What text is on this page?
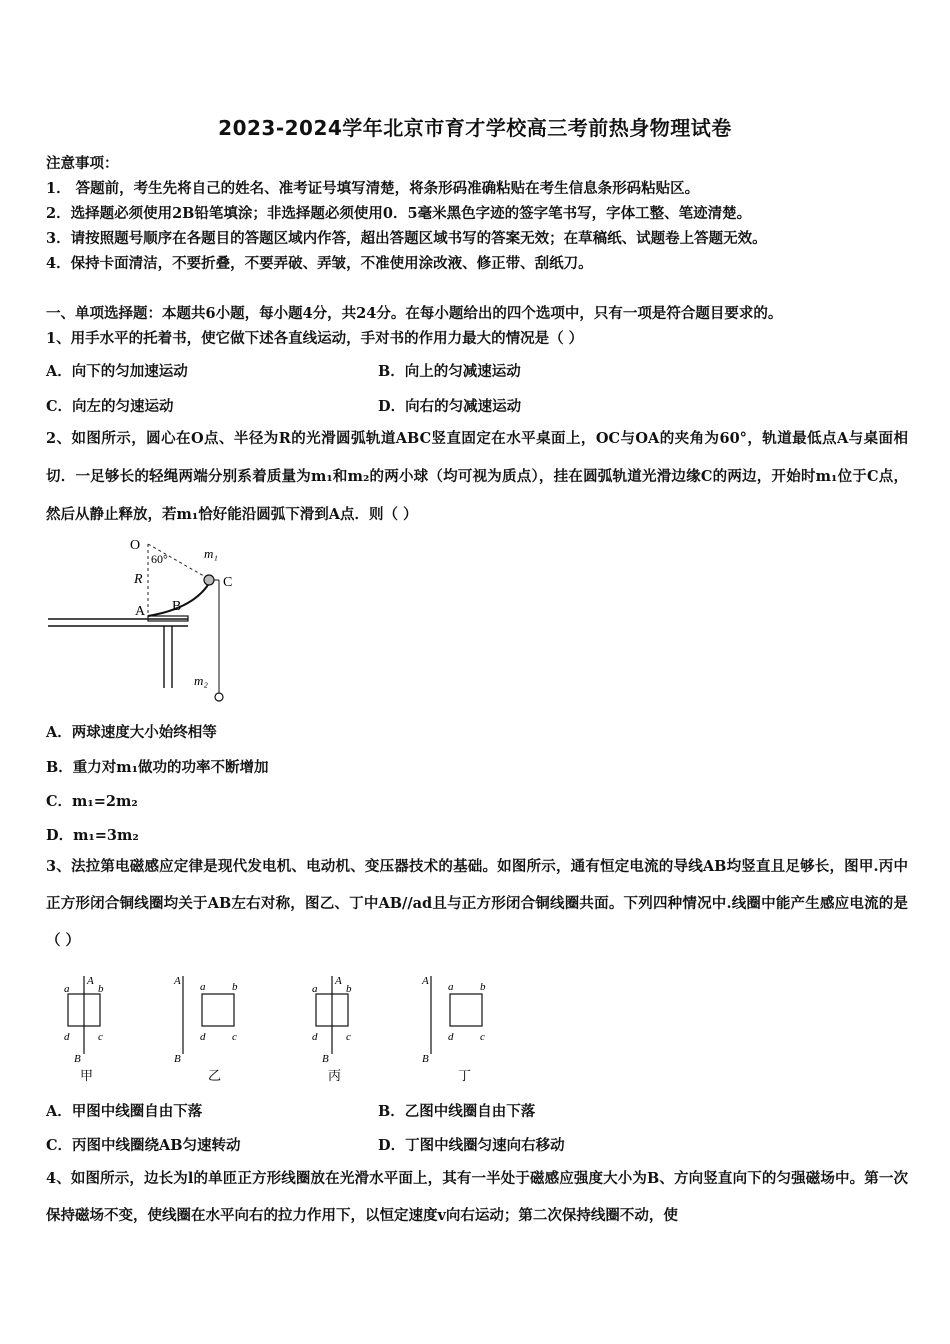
2023-2024学年北京市育才学校高三考前热身物理试卷
注意事项：
1． 答题前，考生先将自己的姓名、准考证号填写清楚，将条形码准确粘贴在考生信息条形码粘贴区。
2．选择题必须使用2B铅笔填涂；非选择题必须使用0．5毫米黑色字迹的签字笔书写，字体工整、笔迹清楚。
3．请按照题号顺序在各题目的答题区域内作答，超出答题区域书写的答案无效；在草稿纸、试题卷上答题无效。
4．保持卡面清洁，不要折叠，不要弄破、弄皱，不准使用涂改液、修正带、刮纸刀。
一、单项选择题：本题共6小题，每小题4分，共24分。在每小题给出的四个选项中，只有一项是符合题目要求的。
1、用手水平的托着书，使它做下述各直线运动，手对书的作用力最大的情况是（ ）
A．向下的匀加速运动	B．向上的匀减速运动
C．向左的匀速运动	D．向右的匀减速运动
2、如图所示，圆心在O点、半径为R的光滑圆弧轨道ABC竖直固定在水平桌面上，OC与OA的夹角为60°，轨道最低点A与桌面相切．一足够长的轻绳两端分别系着质量为m₁和m₂的两小球（均可视为质点），挂在圆弧轨道光滑边缘C的两边，开始时m₁位于C点，然后从静止释放，若m₁恰好能沿圆弧下滑到A点．则（ ）
O
60°	m₁
C
R
A B
m₂
A．两球速度大小始终相等
B．重力对m₁做功的功率不断增加
C．m₁=2m₂
D．m₁=3m₂
3、法拉第电磁感应定律是现代发电机、电动机、变压器技术的基础。如图所示，通有恒定电流的导线AB均竖直且足够长，图甲.丙中正方形闭合铜线圈均关于AB左右对称，图乙、丁中AB//ad且与正方形闭合铜线圈共面。下列四种情况中.线圈中能产生感应电流的是（ ）
a
A
b
d	c
B
甲
A a b
d c
B
乙
a
A
b
d	c
B
丙
A a b
d c
B
丁
A．甲图中线圈自由下落	B．乙图中线圈自由下落
C．丙图中线圈绕AB匀速转动	D．丁图中线圈匀速向右移动
4、如图所示，边长为l的单匝正方形线圈放在光滑水平面上，其有一半处于磁感应强度大小为B、方向竖直向下的匀强磁场中。第一次保持磁场不变，使线圈在水平向右的拉力作用下，以恒定速度v向右运动；第二次保持线圈不动，使
